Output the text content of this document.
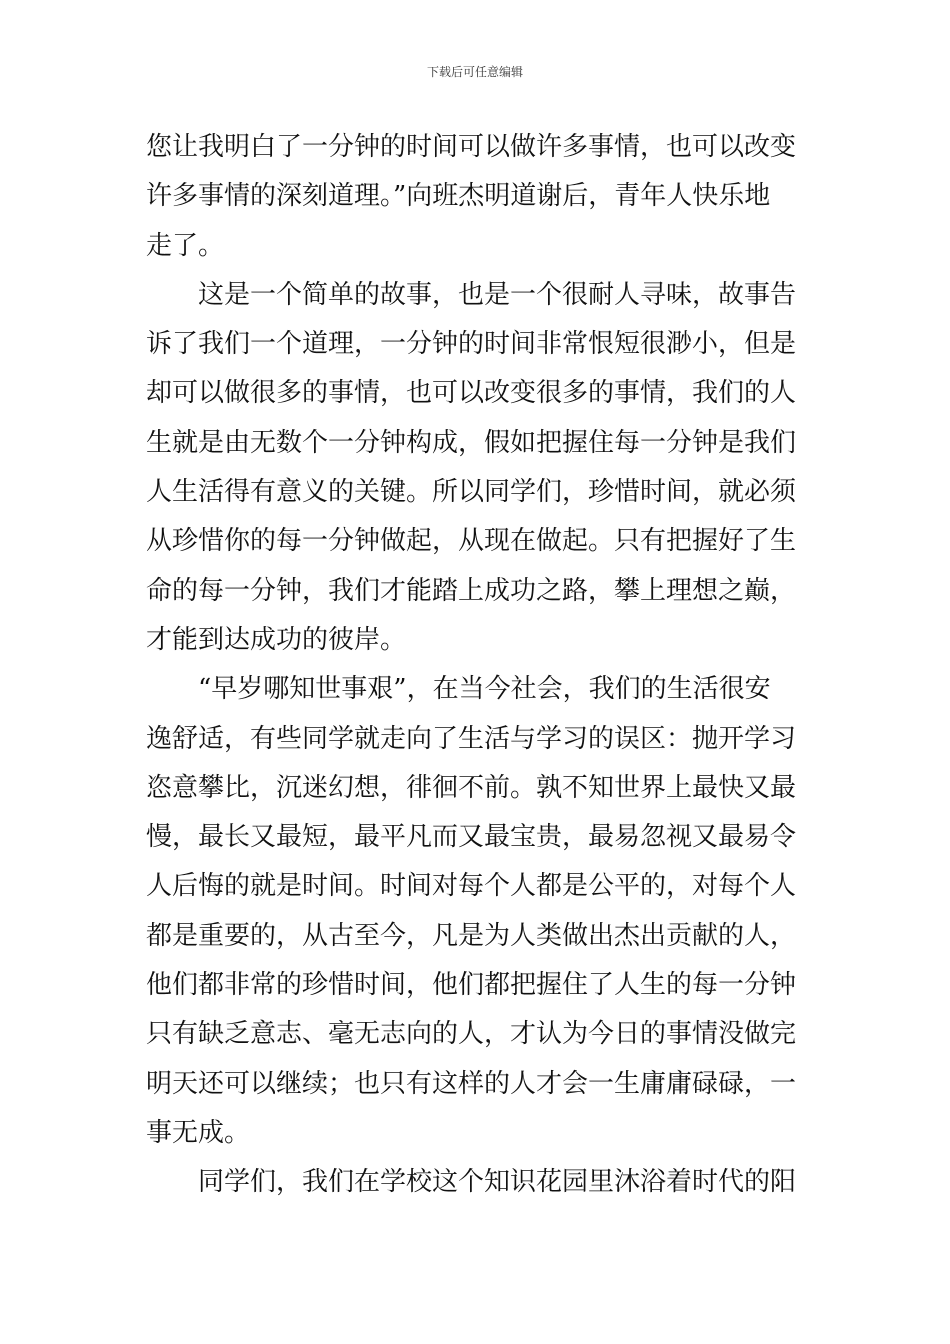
下载后可任意编辑
您让我明白了一分钟的时间可以做许多事情，也可以改变
许多事情的深刻道理。”向班杰明道谢后，青年人快乐地
走了。
这是一个简单的故事，也是一个很耐人寻味，故事告
诉了我们一个道理，一分钟的时间非常恨短很渺小，但是
却可以做很多的事情，也可以改变很多的事情，我们的人
生就是由无数个一分钟构成，假如把握住每一分钟是我们
人生活得有意义的关键。所以同学们，珍惜时间，就必须
从珍惜你的每一分钟做起，从现在做起。只有把握好了生
命的每一分钟，我们才能踏上成功之路，攀上理想之巅，
才能到达成功的彼岸。
“早岁哪知世事艰”，在当今社会，我们的生活很安
逸舒适，有些同学就走向了生活与学习的误区：抛开学习
恣意攀比，沉迷幻想，徘徊不前。孰不知世界上最快又最
慢，最长又最短，最平凡而又最宝贵，最易忽视又最易令
人后悔的就是时间。时间对每个人都是公平的，对每个人
都是重要的，从古至今，凡是为人类做出杰出贡献的人，
他们都非常的珍惜时间，他们都把握住了人生的每一分钟
只有缺乏意志、毫无志向的人，才认为今日的事情没做完
明天还可以继续；也只有这样的人才会一生庸庸碌碌，一
事无成。
同学们，我们在学校这个知识花园里沐浴着时代的阳
